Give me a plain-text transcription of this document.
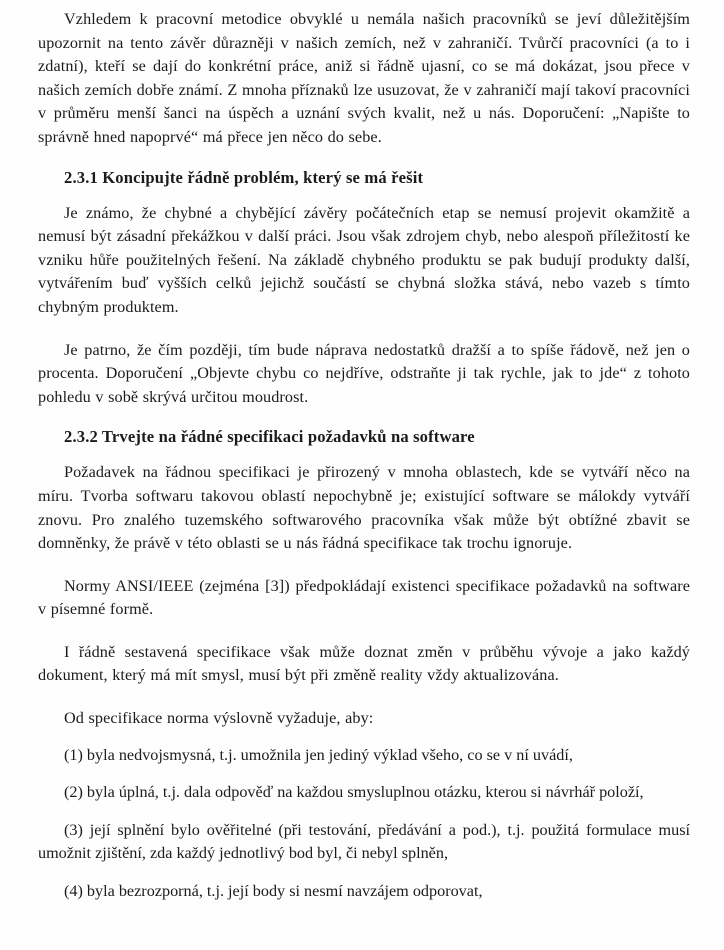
Vzhledem k pracovní metodice obvyklé u nemála našich pracovníků se jeví důležitějším upozornit na tento závěr důrazněji v našich zemích, než v zahraničí. Tvůrčí pracovníci (a to i zdatní), kteří se dají do konkrétní práce, aniž si řádně ujasní, co se má dokázat, jsou přece v našich zemích dobře známí. Z mnoha příznaků lze usuzovat, že v zahraničí mají takoví pracovníci v průměru menší šanci na úspěch a uznání svých kvalit, než u nás. Doporučení: „Napište to správně hned napoprvé“ má přece jen něco do sebe.

2.3.1 Koncipujte řádně problém, který se má řešit

Je známo, že chybné a chybějící závěry počátečních etap se nemusí projevit okamžitě a nemusí být zásadní překážkou v další práci. Jsou však zdrojem chyb, nebo alespoň příležitostí ke vzniku hůře použitelných řešení. Na základě chybného produktu se pak budují produkty další, vytvářením buď vyšších celků jejichž součástí se chybná složka stává, nebo vazeb s tímto chybným produktem.

Je patrno, že čím později, tím bude náprava nedostatků dražší a to spíše řádově, než jen o procenta. Doporučení „Objevte chybu co nejdříve, odstraňte ji tak rychle, jak to jde“ z tohoto pohledu v sobě skrývá určitou moudrost.

2.3.2 Trvejte na řádné specifikaci požadavků na software

Požadavek na řádnou specifikaci je přirozený v mnoha oblastech, kde se vytváří něco na míru. Tvorba softwaru takovou oblastí nepochybně je; existující software se málokdy vytváří znovu. Pro znalého tuzemského softwarového pracovníka však může být obtížné zbavit se domněnky, že právě v této oblasti se u nás řádná specifikace tak trochu ignoruje.

Normy ANSI/IEEE (zejména [3]) předpokládají existenci specifikace požadavků na software v písemné formě.

I řádně sestavená specifikace však může doznat změn v průběhu vývoje a jako každý dokument, který má mít smysl, musí být při změně reality vždy aktualizována.

Od specifikace norma výslovně vyžaduje, aby:

(1) byla nedvojsmysná, t.j. umožnila jen jediný výklad všeho, co se v ní uvádí,

(2) byla úplná, t.j. dala odpověď na každou smysluplnou otázku, kterou si návrhář položí,

(3) její splnění bylo ověřitelné (při testování, předávání a pod.), t.j. použitá formulace musí umožnit zjištění, zda každý jednotlivý bod byl, či nebyl splněn,

(4) byla bezrozporná, t.j. její body si nesmí navzájem odporovat,
